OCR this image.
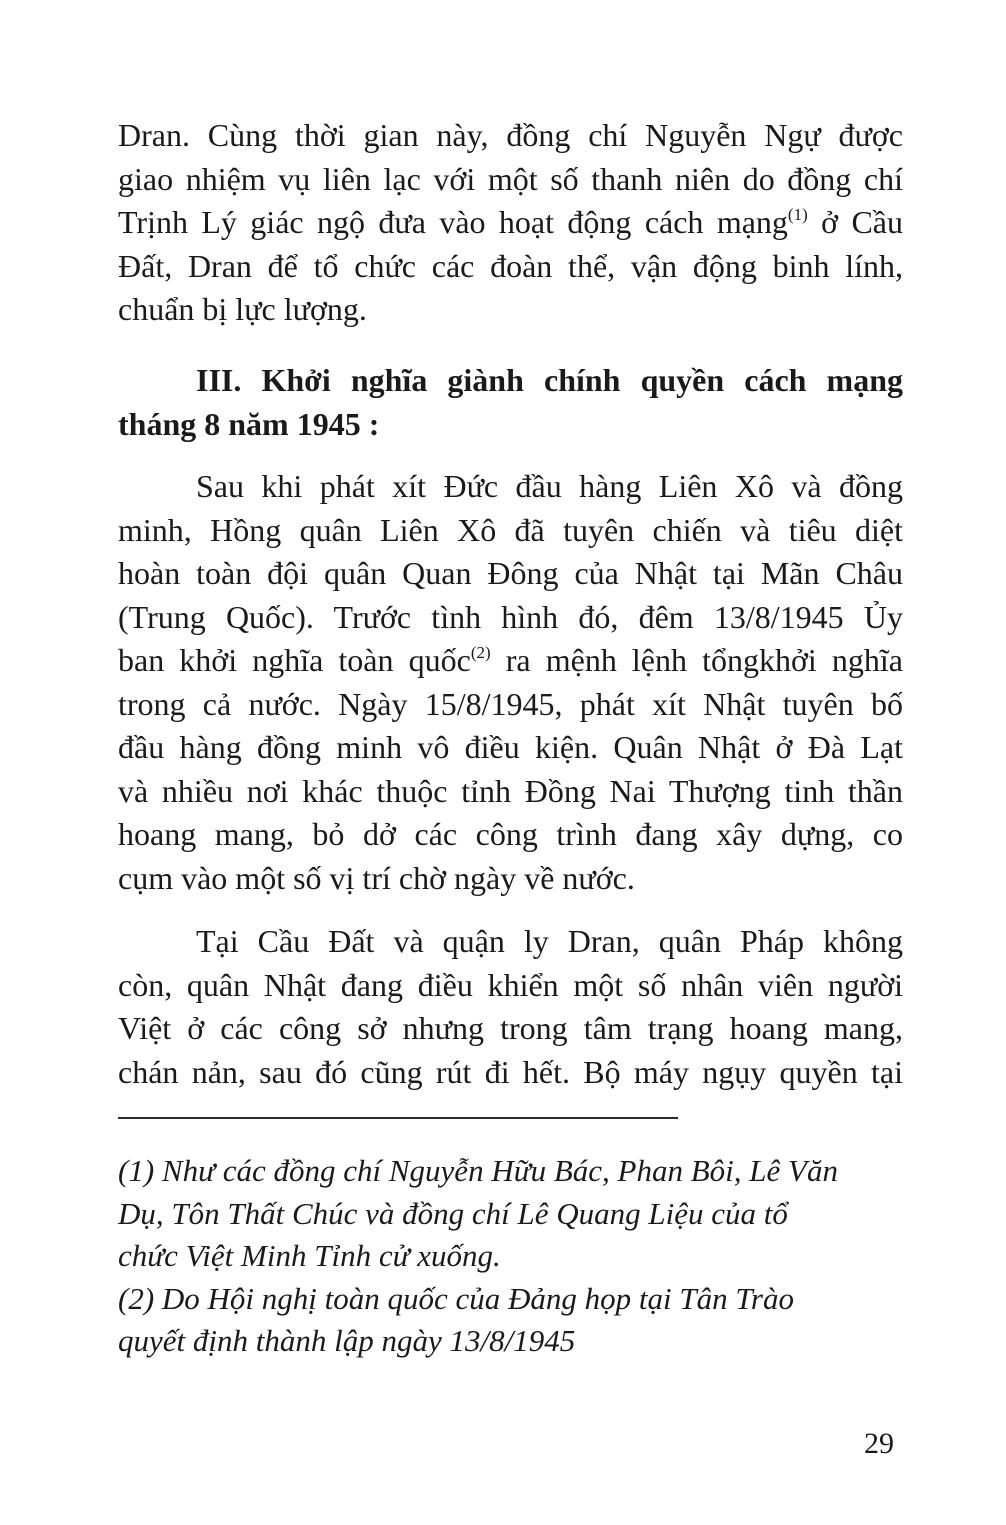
Dran. Cùng thời gian này, đồng chí Nguyễn Ngự được

giao nhiệm vụ liên lạc với một số thanh niên do đồng chí

Trịnh Lý giác ngộ đưa vào hoạt động cách mạng$^{(1)}$ ở Cầu

Đất, Dran để tổ chức các đoàn thể, vận động binh lính,

chuẩn bị lực lượng.

III. Khởi nghĩa giành chính quyền cách mạng

tháng 8 năm 1945 :

Sau khi phát xít Đức đầu hàng Liên Xô và đồng

minh, Hồng quân Liên Xô đã tuyên chiến và tiêu diệt

hoàn toàn đội quân Quan Đông của Nhật tại Mãn Châu

(Trung Quốc). Trước tình hình đó, đêm 13/8/1945 Ủy

ban khởi nghĩa toàn quốc$^{(2)}$ ra mệnh lệnh tổngkhởi nghĩa

trong cả nước. Ngày 15/8/1945, phát xít Nhật tuyên bố

đầu hàng đồng minh vô điều kiện. Quân Nhật ở Đà Lạt

và nhiều nơi khác thuộc tỉnh Đồng Nai Thượng tinh thần

hoang mang, bỏ dở các công trình đang xây dựng, co

cụm vào một số vị trí chờ ngày về nước.

Tại Cầu Đất và quận ly Dran, quân Pháp không

còn, quân Nhật đang điều khiển một số nhân viên người

Việt ở các công sở nhưng trong tâm trạng hoang mang,

chán nản, sau đó cũng rút đi hết. Bộ máy ngụy quyền tại

(1) Như các đồng chí Nguyễn Hữu Bác, Phan Bôi, Lê Văn
Dụ, Tôn Thất Chúc và đồng chí Lê Quang Liệu của tổ
chức Việt Minh Tỉnh cử xuống.

(2) Do Hội nghị toàn quốc của Đảng họp tại Tân Trào
quyết định thành lập ngày 13/8/1945

29
